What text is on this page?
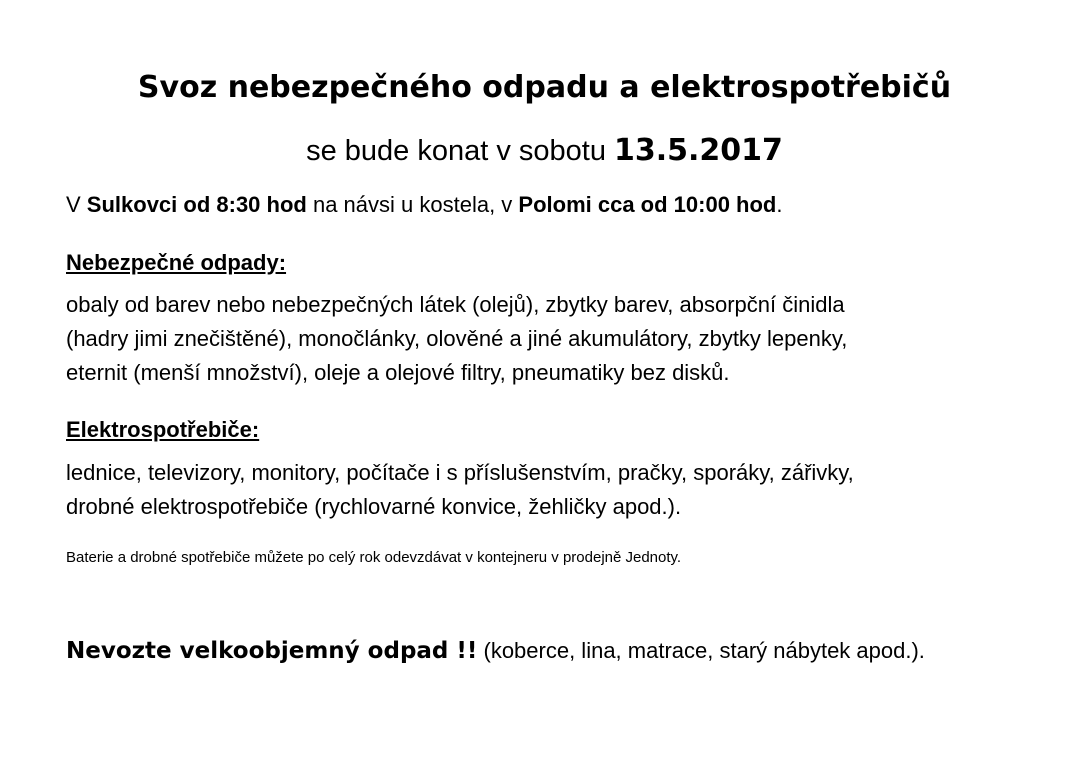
Svoz nebezpečného odpadu a elektrospotřebičů
se bude konat v sobotu 13.5.2017
V Sulkovci od 8:30 hod na návsi u kostela, v Polomi cca od 10:00 hod.
Nebezpečné odpady:
obaly od barev nebo nebezpečných látek (olejů), zbytky barev, absorpční činidla
(hadry jimi znečištěné), monočlánky, olověné a jiné akumulátory, zbytky lepenky,
eternit (menší množství), oleje a olejové filtry, pneumatiky bez disků.
Elektrospotřebiče:
lednice, televizory, monitory, počítače i s příslušenstvím, pračky, sporáky, zářivky,
drobné elektrospotřebiče (rychlovarné konvice, žehličky apod.).
Baterie a drobné spotřebiče můžete po celý rok odevzdávat v kontejneru v prodejně Jednoty.
Nevozte velkoobjemný odpad !! (koberce, lina, matrace, starý nábytek apod.).
